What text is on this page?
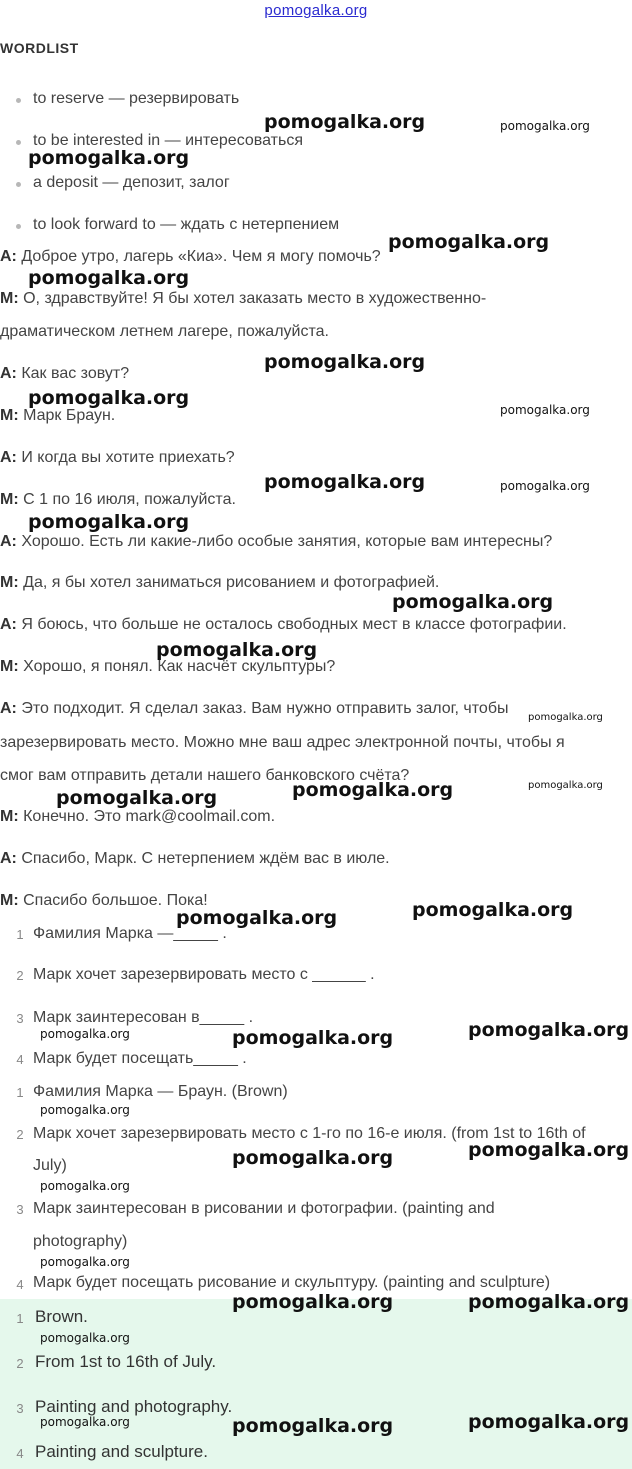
pomogalka.org
WORDLIST
to reserve — резервировать
to be interested in — интересоваться
a deposit — депозит, залог
to look forward to — ждать с нетерпением
A: Доброе утро, лагерь «Киа». Чем я могу помочь?
M: О, здравствуйте! Я бы хотел заказать место в художественно-
драматическом летнем лагере, пожалуйста.
A: Как вас зовут?
M: Марк Браун.
A: И когда вы хотите приехать?
M: С 1 по 16 июля, пожалуйста.
A: Хорошо. Есть ли какие-либо особые занятия, которые вам интересны?
M: Да, я бы хотел заниматься рисованием и фотографией.
A: Я боюсь, что больше не осталось свободных мест в классе фотографии.
M: Хорошо, я понял. Как насчёт скульптуры?
A: Это подходит. Я сделал заказ. Вам нужно отправить залог, чтобы
зарезервировать место. Можно мне ваш адрес электронной почты, чтобы я
смог вам отправить детали нашего банковского счёта?
M: Конечно. Это mark@coolmail.com.
A: Спасибо, Марк. С нетерпением ждём вас в июле.
M: Спасибо большое. Пока!
1 Фамилия Марка —_____ .
2 Марк хочет зарезервировать место с ______ .
3 Марк заинтересован в_____ .
4 Марк будет посещать_____ .
1 Фамилия Марка — Браун. (Brown)
2 Марк хочет зарезервировать место с 1-го по 16-е июля. (from 1st to 16th of
July)
3 Марк заинтересован в рисовании и фотографии. (painting and
photography)
4 Марк будет посещать рисование и скульптуру. (painting and sculpture)
1 Brown.
2 From 1st to 16th of July.
3 Painting and photography.
4 Painting and sculpture.
pomogalka.org	pomogalka.org
pomogalka.org
pomogalka.org
pomogalka.org
pomogalka.org
pomogalka.org
pomogalka.org
pomogalka.org	pomogalka.org
pomogalka.org
pomogalka.org
pomogalka.org
pomogalka.org
pomogalka.org	pomogalka.org
pomogalka.org
pomogalka.org
pomogalka.org
pomogalka.org
pomogalka.org	pomogalka.org
pomogalka.org
pomogalka.org
pomogalka.org
pomogalka.org
pomogalka.org
pomogalka.org	pomogalka.org
pomogalka.org
pomogalka.org
pomogalka.org	pomogalka.org
